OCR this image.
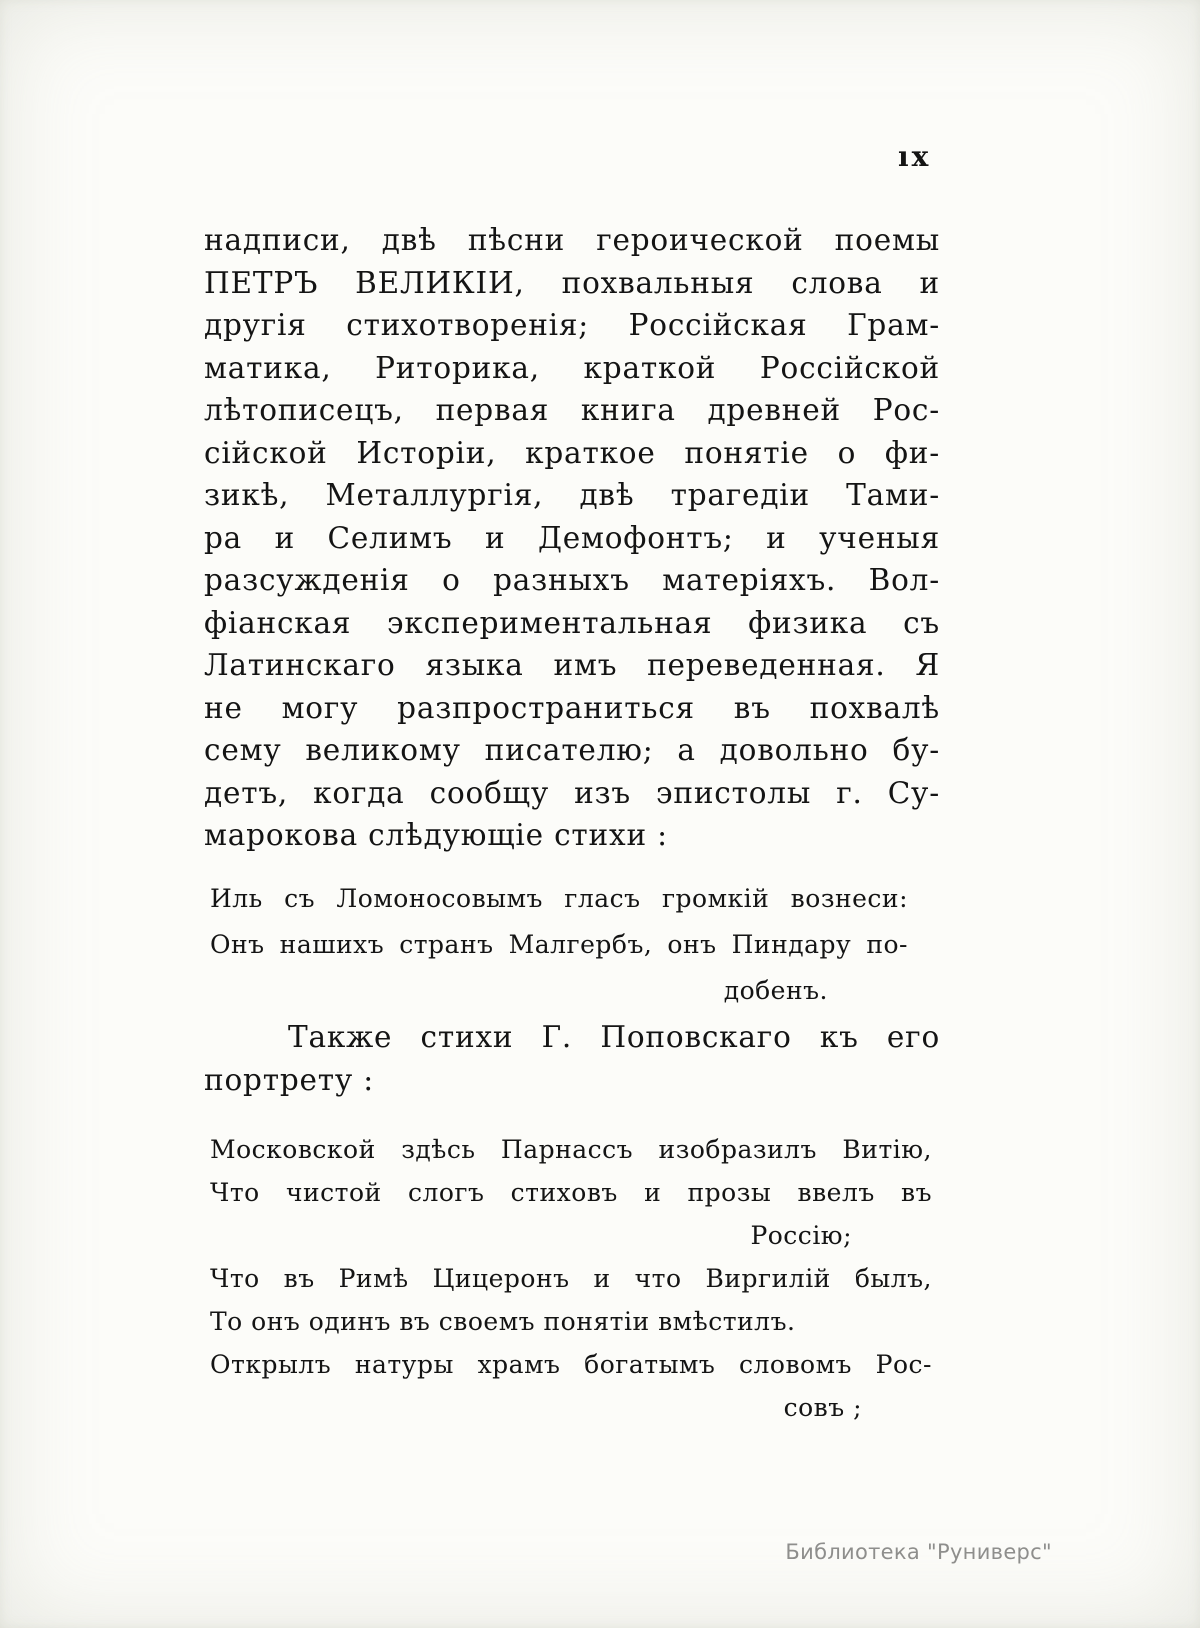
ıx
надписи, двѣ пѣсни героической поемы
ПЕТРЪ ВЕЛИКІИ, похвальныя слова и
другія стихотворенія; Россійская Грам-
матика, Риторика, краткой Россійской
лѣтописецъ, первая книга древней Рос-
сійской Исторіи, краткое понятіе о фи-
зикѣ, Металлургія, двѣ трагедіи Тами-
ра и Селимъ и Демофонтъ; и ученыя
разсужденія о разныхъ матеріяхъ. Вол-
фіанская экспериментальная физика съ
Латинскаго языка имъ переведенная. Я
не могу разпространиться въ похвалѣ
сему великому писателю; а довольно бу-
детъ, когда сообщу изъ эпистолы г. Су-
марокова слѣдующіе стихи :
Иль съ Ломоносовымъ гласъ громкій вознеси:
Онъ нашихъ странъ Малгербъ, онъ Пиндару по-
добенъ.
Также стихи Г. Поповскаго къ его
портрету :
Московской здѣсь Парнассъ изобразилъ Витію,
Что чистой слогъ стиховъ и прозы ввелъ въ
Россію;
Что въ Римѣ Цицеронъ и что Виргилій былъ,
То онъ одинъ въ своемъ понятіи вмѣстилъ.
Открылъ натуры храмъ богатымъ словомъ Рос-
совъ ;
Библиотека "Руниверс"
